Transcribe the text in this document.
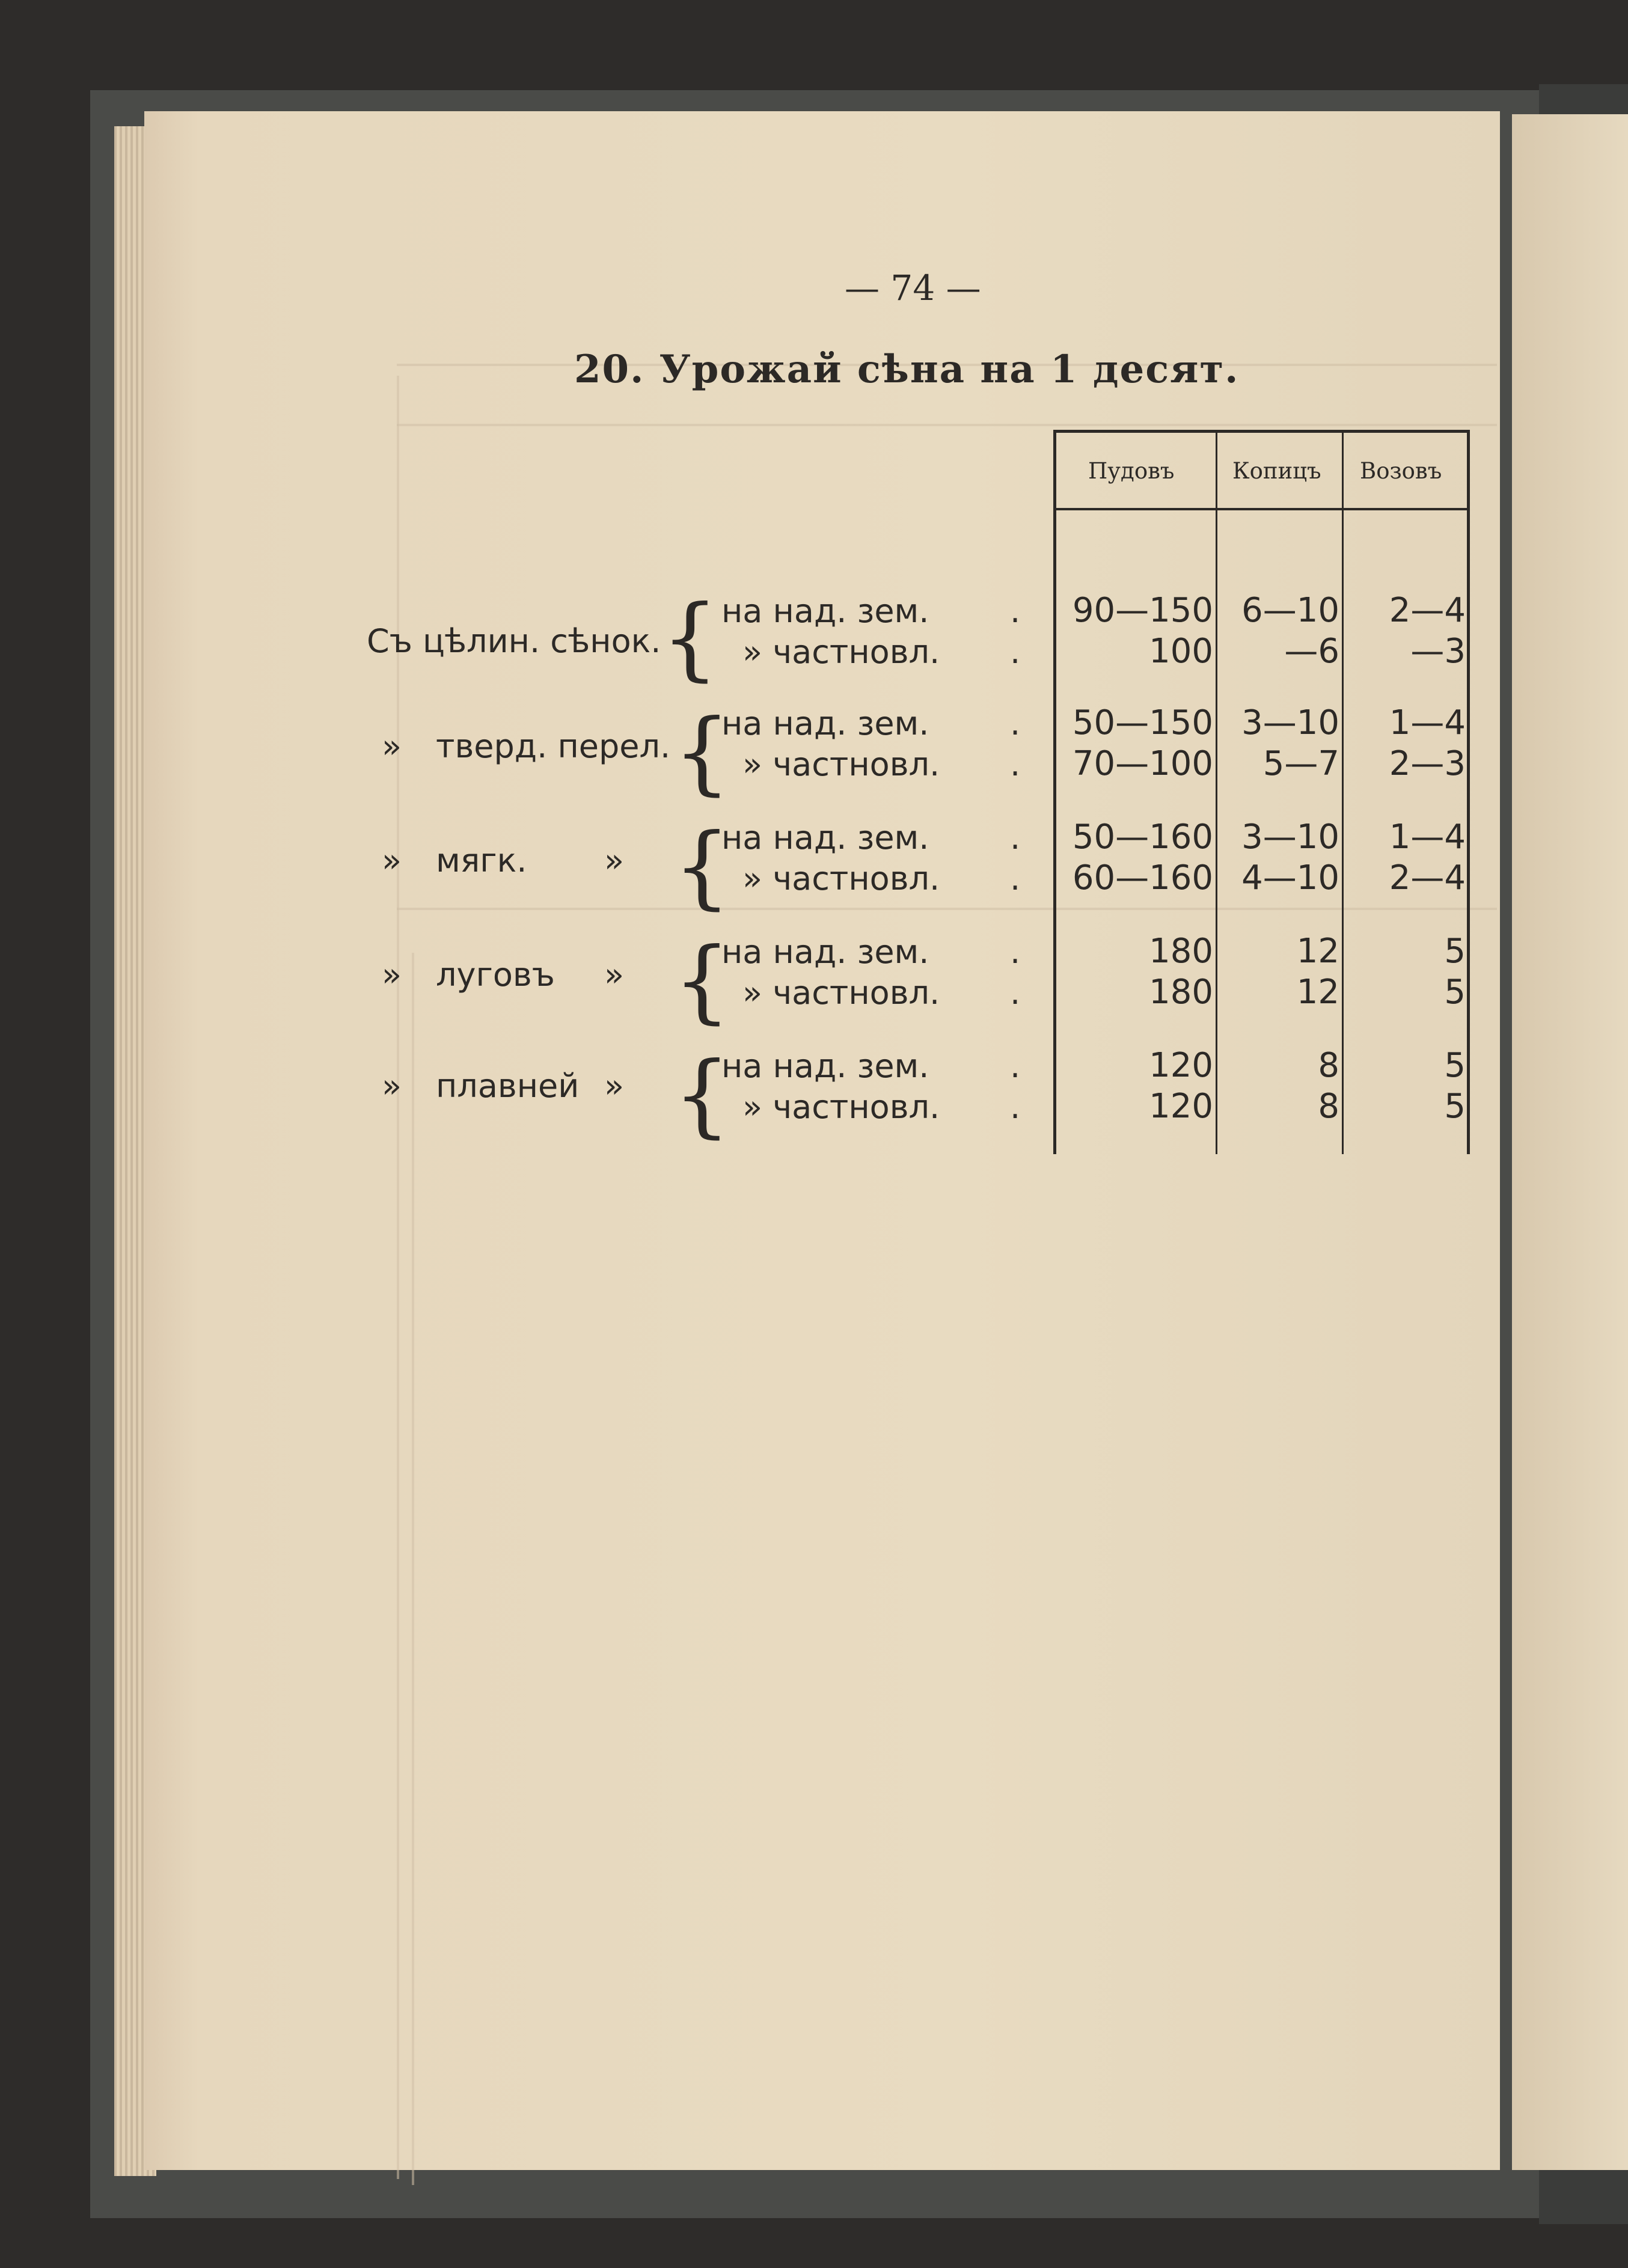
— 74 —
20. Урожай сѣна на 1 десят.
Пудовъ	Копицъ Возовъ
Съ цѣлин. сѣнок. { на над. зем.
» частновл.
.
.
90—150
100
6—10
—6
2—4
—3
» тверд. перел. {
на над. зем.
» частновл.
.
.
50—150
70—100
3—10
5—7
1—4
2—3
» мягк. » {
на над. зем.
» частновл.
.
.
50—160
60—160
3—10
4—10
1—4
2—4
» луговъ » {
на над. зем.
» частновл.
.
.
180
180
12
12
5
5
» плавней » {
на над. зем.
» частновл.
.
.
120
120
8
8
5
5
